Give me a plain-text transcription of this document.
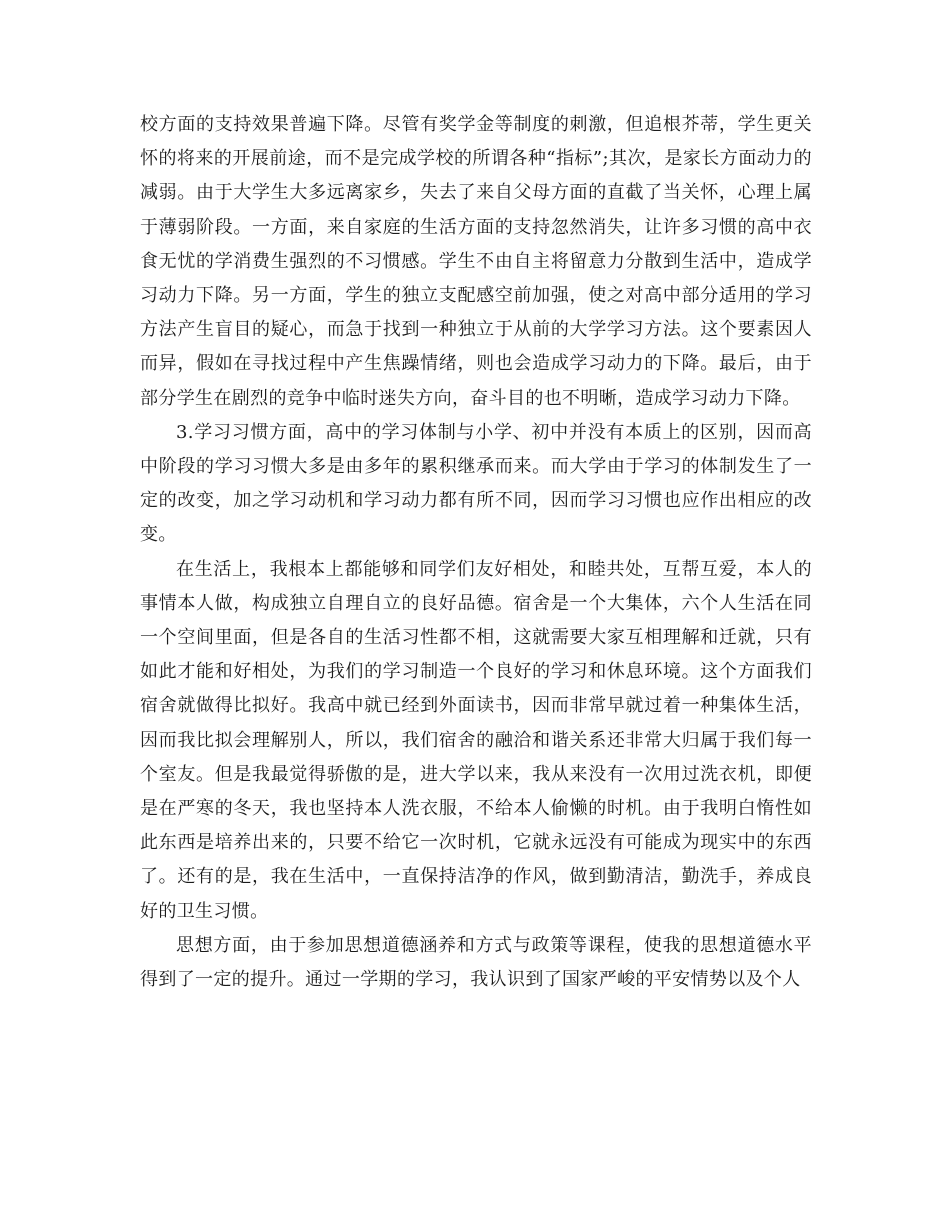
校方面的支持效果普遍下降。尽管有奖学金等制度的刺激，但追根芥蒂，学生更关怀的将来的开展前途，而不是完成学校的所谓各种“指标”;其次，是家长方面动力的减弱。由于大学生大多远离家乡，失去了来自父母方面的直截了当关怀，心理上属于薄弱阶段。一方面，来自家庭的生活方面的支持忽然消失，让许多习惯的高中衣食无忧的学消费生强烈的不习惯感。学生不由自主将留意力分散到生活中，造成学习动力下降。另一方面，学生的独立支配感空前加强，使之对高中部分适用的学习方法产生盲目的疑心，而急于找到一种独立于从前的大学学习方法。这个要素因人而异，假如在寻找过程中产生焦躁情绪，则也会造成学习动力的下降。最后，由于部分学生在剧烈的竞争中临时迷失方向，奋斗目的也不明晰，造成学习动力下降。

3.学习习惯方面，高中的学习体制与小学、初中并没有本质上的区别，因而高中阶段的学习习惯大多是由多年的累积继承而来。而大学由于学习的体制发生了一定的改变，加之学习动机和学习动力都有所不同，因而学习习惯也应作出相应的改变。

在生活上，我根本上都能够和同学们友好相处，和睦共处，互帮互爱，本人的事情本人做，构成独立自理自立的良好品德。宿舍是一个大集体，六个人生活在同一个空间里面，但是各自的生活习性都不相，这就需要大家互相理解和迁就，只有如此才能和好相处，为我们的学习制造一个良好的学习和休息环境。这个方面我们宿舍就做得比拟好。我高中就已经到外面读书，因而非常早就过着一种集体生活，因而我比拟会理解别人，所以，我们宿舍的融洽和谐关系还非常大归属于我们每一个室友。但是我最觉得骄傲的是，进大学以来，我从来没有一次用过洗衣机，即便是在严寒的冬天，我也坚持本人洗衣服，不给本人偷懒的时机。由于我明白惰性如此东西是培养出来的，只要不给它一次时机，它就永远没有可能成为现实中的东西了。还有的是，我在生活中，一直保持洁净的作风，做到勤清洁，勤洗手，养成良好的卫生习惯。

思想方面，由于参加思想道德涵养和方式与政策等课程，使我的思想道德水平得到了一定的提升。通过一学期的学习，我认识到了国家严峻的平安情势以及个人
